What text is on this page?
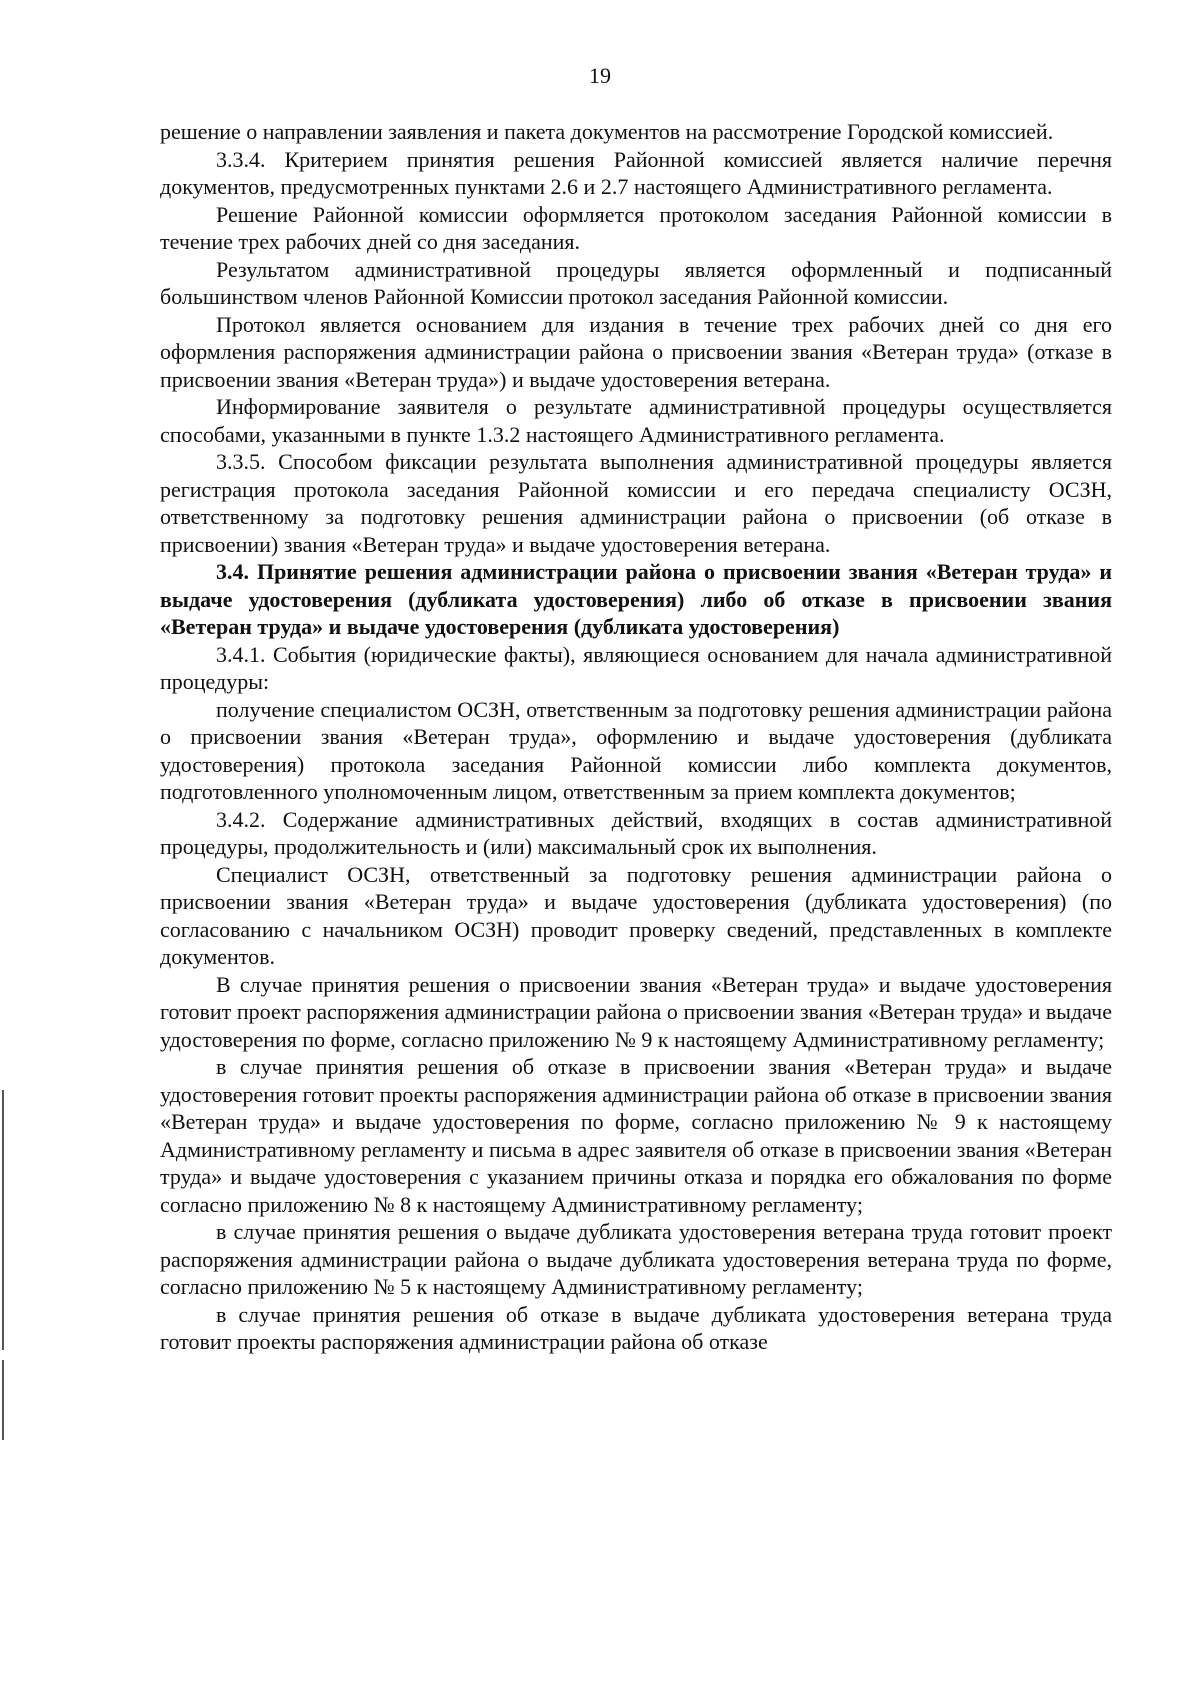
19

решение о направлении заявления и пакета документов на рассмотрение Городской комиссией.

3.3.4. Критерием принятия решения Районной комиссией является наличие перечня документов, предусмотренных пунктами 2.6 и 2.7 настоящего Административного регламента.

Решение Районной комиссии оформляется протоколом заседания Районной комиссии в течение трех рабочих дней со дня заседания.

Результатом административной процедуры является оформленный и подписанный большинством членов Районной Комиссии протокол заседания Районной комиссии.

Протокол является основанием для издания в течение трех рабочих дней со дня его оформления распоряжения администрации района о присвоении звания «Ветеран труда» (отказе в присвоении звания «Ветеран труда») и выдаче удостоверения ветерана.

Информирование заявителя о результате административной процедуры осуществляется способами, указанными в пункте 1.3.2 настоящего Административного регламента.

3.3.5. Способом фиксации результата выполнения административной процедуры является регистрация протокола заседания Районной комиссии и его передача специалисту ОСЗН, ответственному за подготовку решения администрации района о присвоении (об отказе в присвоении) звания «Ветеран труда» и выдаче удостоверения ветерана.

3.4. Принятие решения администрации района о присвоении звания «Ветеран труда» и выдаче удостоверения (дубликата удостоверения) либо об отказе в присвоении звания «Ветеран труда» и выдаче удостоверения (дубликата удостоверения)

3.4.1. События (юридические факты), являющиеся основанием для начала административной процедуры:

получение специалистом ОСЗН, ответственным за подготовку решения администрации района о присвоении звания «Ветеран труда», оформлению и выдаче удостоверения (дубликата удостоверения) протокола заседания Районной комиссии либо комплекта документов, подготовленного уполномоченным лицом, ответственным за прием комплекта документов;

3.4.2. Содержание административных действий, входящих в состав административной процедуры, продолжительность и (или) максимальный срок их выполнения.

Специалист ОСЗН, ответственный за подготовку решения администрации района о присвоении звания «Ветеран труда» и выдаче удостоверения (дубликата удостоверения) (по согласованию с начальником ОСЗН) проводит проверку сведений, представленных в комплекте документов.

В случае принятия решения о присвоении звания «Ветеран труда» и выдаче удостоверения готовит проект распоряжения администрации района о присвоении звания «Ветеран труда» и выдаче удостоверения по форме, согласно приложению № 9 к настоящему Административному регламенту;

в случае принятия решения об отказе в присвоении звания «Ветеран труда» и выдаче удостоверения готовит проекты распоряжения администрации района об отказе в присвоении звания «Ветеран труда» и выдаче удостоверения по форме, согласно приложению № 9 к настоящему Административному регламенту и письма в адрес заявителя об отказе в присвоении звания «Ветеран труда» и выдаче удостоверения с указанием причины отказа и порядка его обжалования по форме согласно приложению № 8 к настоящему Административному регламенту;

в случае принятия решения о выдаче дубликата удостоверения ветерана труда готовит проект распоряжения администрации района о выдаче дубликата удостоверения ветерана труда по форме, согласно приложению № 5 к настоящему Административному регламенту;

в случае принятия решения об отказе в выдаче дубликата удостоверения ветерана труда готовит проекты распоряжения администрации района об отказе
